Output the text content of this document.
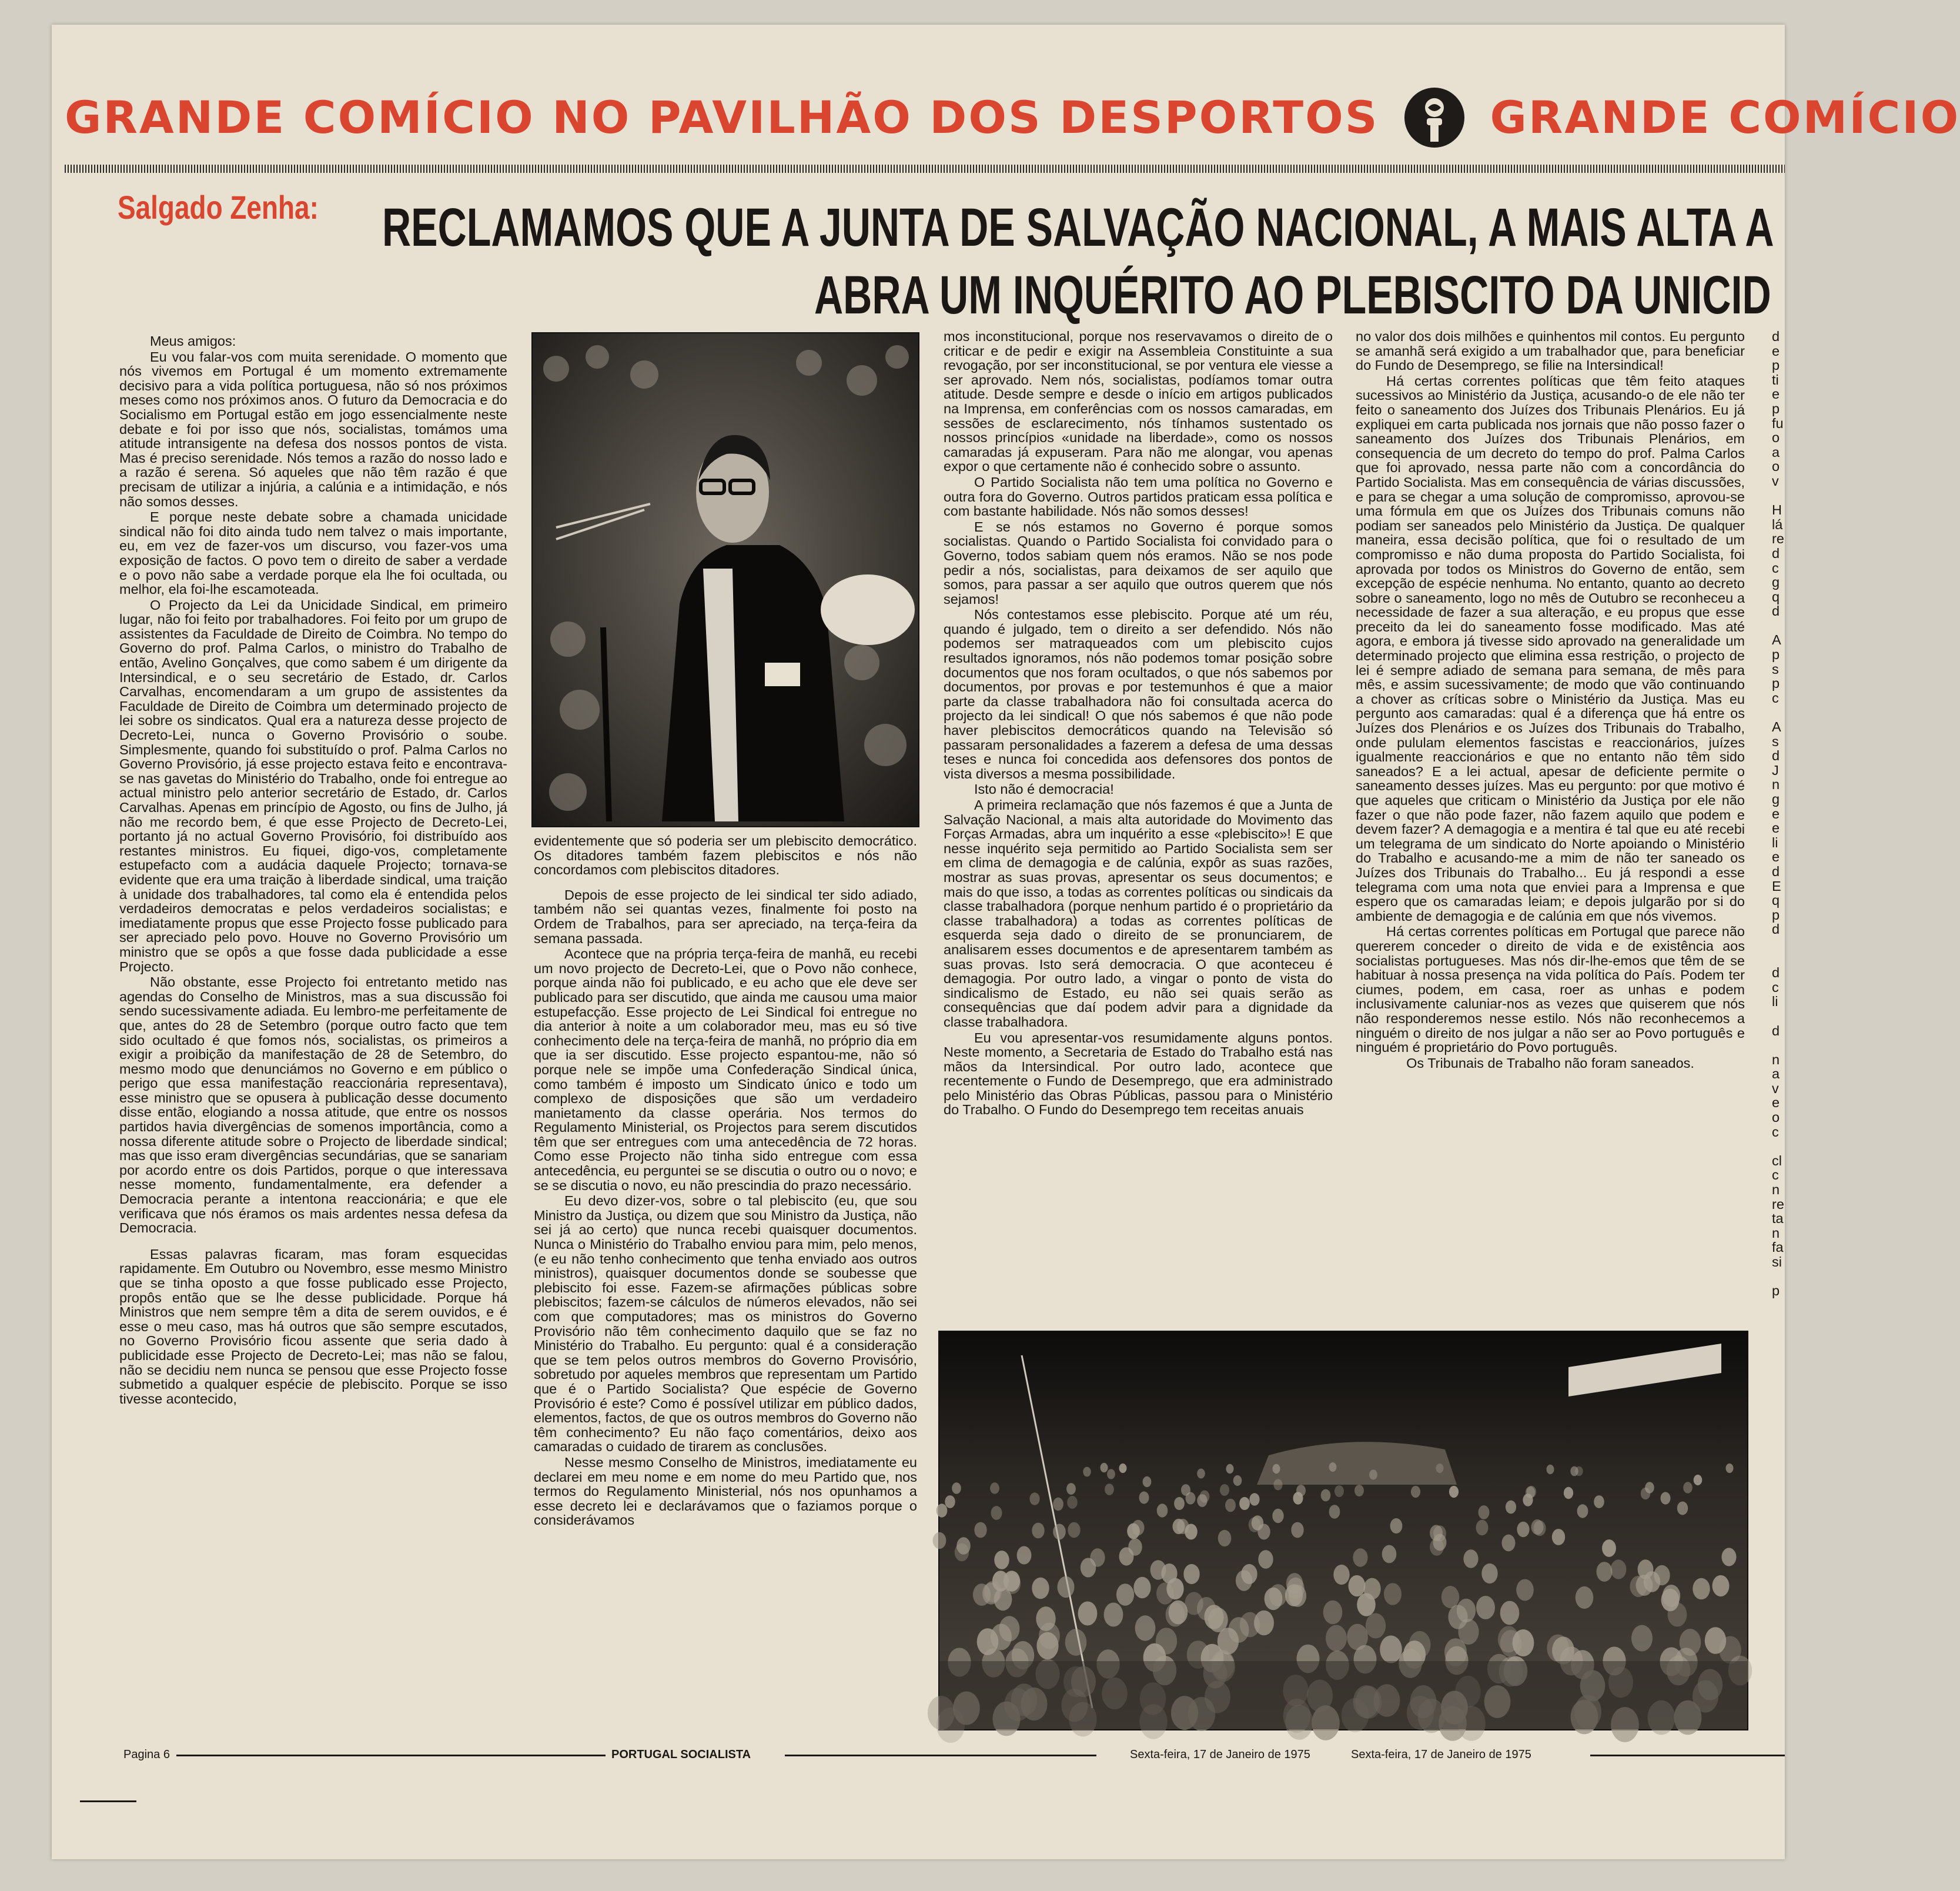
GRANDE COMÍCIO NO PAVILHÃO DOS DESPORTOS GRANDE COMÍCIO
Salgado Zenha: RECLAMAMOS QUE A JUNTA DE SALVAÇÃO NACIONAL, A MAIS ALTA A
ABRA UM INQUÉRITO AO PLEBISCITO DA UNICID

Meus amigos:

Eu vou falar-vos com muita serenidade. O momento que nós vivemos em Portugal é um momento extremamente decisivo para a vida política portuguesa, não só nos próximos meses como nos próximos anos. O futuro da Democracia e do Socialismo em Portugal estão em jogo essencialmente neste debate e foi por isso que nós, socialistas, tomámos uma atitude intransigente na defesa dos nossos pontos de vista. Mas é preciso serenidade. Nós temos a razão do nosso lado e a razão é serena. Só aqueles que não têm razão é que precisam de utilizar a injúria, a calúnia e a intimidação, e nós não somos desses.

E porque neste debate sobre a chamada unicidade sindical não foi dito ainda tudo nem talvez o mais importante, eu, em vez de fazer-vos um discurso, vou fazer-vos uma exposição de factos. O povo tem o direito de saber a verdade e o povo não sabe a verdade porque ela lhe foi ocultada, ou melhor, ela foi-lhe escamoteada.

O Projecto da Lei da Unicidade Sindical, em primeiro lugar, não foi feito por trabalhadores. Foi feito por um grupo de assistentes da Faculdade de Direito de Coimbra. No tempo do Governo do prof. Palma Carlos, o ministro do Trabalho de então, Avelino Gonçalves, que como sabem é um dirigente da Intersindical, e o seu secretário de Estado, dr. Carlos Carvalhas, encomendaram a um grupo de assistentes da Faculdade de Direito de Coimbra um determinado projecto de lei sobre os sindicatos. Qual era a natureza desse projecto de Decreto-Lei, nunca o Governo Provisório o soube. Simplesmente, quando foi substituído o prof. Palma Carlos no Governo Provisório, já esse projecto estava feito e encontrava-se nas gavetas do Ministério do Trabalho, onde foi entregue ao actual ministro pelo anterior secretário de Estado, dr. Carlos Carvalhas. Apenas em princípio de Agosto, ou fins de Julho, já não me recordo bem, é que esse Projecto de Decreto-Lei, portanto já no actual Governo Provisório, foi distribuído aos restantes ministros. Eu fiquei, digo-vos, completamente estupefacto com a audácia daquele Projecto; tornava-se evidente que era uma traição à liberdade sindical, uma traição à unidade dos trabalhadores, tal como ela é entendida pelos verdadeiros democratas e pelos verdadeiros socialistas; e imediatamente propus que esse Projecto fosse publicado para ser apreciado pelo povo. Houve no Governo Provisório um ministro que se opôs a que fosse dada publicidade a esse Projecto.

Não obstante, esse Projecto foi entretanto metido nas agendas do Conselho de Ministros, mas a sua discussão foi sendo sucessivamente adiada. Eu lembro-me perfeitamente de que, antes do 28 de Setembro (porque outro facto que tem sido ocultado é que fomos nós, socialistas, os primeiros a exigir a proibição da manifestação de 28 de Setembro, do mesmo modo que denunciámos no Governo e em público o perigo que essa manifestação reaccionária representava), esse ministro que se opusera à publicação desse documento disse então, elogiando a nossa atitude, que entre os nossos partidos havia divergências de somenos importância, como a nossa diferente atitude sobre o Projecto de liberdade sindical; mas que isso eram divergências secundárias, que se sanariam por acordo entre os dois Partidos, porque o que interessava nesse momento, fundamentalmente, era defender a Democracia perante a intentona reaccionária; e que ele verificava que nós éramos os mais ardentes nessa defesa da Democracia.

Essas palavras ficaram, mas foram esquecidas rapidamente. Em Outubro ou Novembro, esse mesmo Ministro que se tinha oposto a que fosse publicado esse Projecto, propôs então que se lhe desse publicidade. Porque há Ministros que nem sempre têm a dita de serem ouvidos, e é esse o meu caso, mas há outros que são sempre escutados, no Governo Provisório ficou assente que seria dado à publicidade esse Projecto de Decreto-Lei; mas não se falou, não se decidiu nem nunca se pensou que esse Projecto fosse submetido a qualquer espécie de plebiscito. Porque se isso tivesse acontecido,

evidentemente que só poderia ser um plebiscito democrático. Os ditadores também fazem plebiscitos e nós não concordamos com plebiscitos ditadores.

Depois de esse projecto de lei sindical ter sido adiado, também não sei quantas vezes, finalmente foi posto na Ordem de Trabalhos, para ser apreciado, na terça-feira da semana passada.

Acontece que na própria terça-feira de manhã, eu recebi um novo projecto de Decreto-Lei, que o Povo não conhece, porque ainda não foi publicado, e eu acho que ele deve ser publicado para ser discutido, que ainda me causou uma maior estupefacção. Esse projecto de Lei Sindical foi entregue no dia anterior à noite a um colaborador meu, mas eu só tive conhecimento dele na terça-feira de manhã, no próprio dia em que ia ser discutido. Esse projecto espantou-me, não só porque nele se impõe uma Confederação Sindical única, como também é imposto um Sindicato único e todo um complexo de disposições que são um verdadeiro manietamento da classe operária. Nos termos do Regulamento Ministerial, os Projectos para serem discutidos têm que ser entregues com uma antecedência de 72 horas. Como esse Projecto não tinha sido entregue com essa antecedência, eu perguntei se se discutia o outro ou o novo; e se se discutia o novo, eu não prescindia do prazo necessário.

Eu devo dizer-vos, sobre o tal plebiscito (eu, que sou Ministro da Justiça, ou dizem que sou Ministro da Justiça, não sei já ao certo) que nunca recebi quaisquer documentos. Nunca o Ministério do Trabalho enviou para mim, pelo menos, (e eu não tenho conhecimento que tenha enviado aos outros ministros), quaisquer documentos donde se soubesse que plebiscito foi esse. Fazem-se afirmações públicas sobre plebiscitos; fazem-se cálculos de números elevados, não sei com que computadores; mas os ministros do Governo Provisório não têm conhecimento daquilo que se faz no Ministério do Trabalho. Eu pergunto: qual é a consideração que se tem pelos outros membros do Governo Provisório, sobretudo por aqueles membros que representam um Partido que é o Partido Socialista? Que espécie de Governo Provisório é este? Como é possível utilizar em público dados, elementos, factos, de que os outros membros do Governo não têm conhecimento? Eu não faço comentários, deixo aos camaradas o cuidado de tirarem as conclusões.

Nesse mesmo Conselho de Ministros, imediatamente eu declarei em meu nome e em nome do meu Partido que, nos termos do Regulamento Ministerial, nós nos opunhamos a esse decreto lei e declarávamos que o faziamos porque o considerávamos

mos inconstitucional, porque nos reservavamos o direito de o criticar e de pedir e exigir na Assembleia Constituinte a sua revogação, por ser inconstitucional, se por ventura ele viesse a ser aprovado. Nem nós, socialistas, podíamos tomar outra atitude. Desde sempre e desde o início em artigos publicados na Imprensa, em conferências com os nossos camaradas, em sessões de esclarecimento, nós tínhamos sustentado os nossos princípios «unidade na liberdade», como os nossos camaradas já expuseram. Para não me alongar, vou apenas expor o que certamente não é conhecido sobre o assunto.

O Partido Socialista não tem uma política no Governo e outra fora do Governo. Outros partidos praticam essa política e com bastante habilidade. Nós não somos desses!

E se nós estamos no Governo é porque somos socialistas. Quando o Partido Socialista foi convidado para o Governo, todos sabiam quem nós eramos. Não se nos pode pedir a nós, socialistas, para deixamos de ser aquilo que somos, para passar a ser aquilo que outros querem que nós sejamos!

Nós contestamos esse plebiscito. Porque até um réu, quando é julgado, tem o direito a ser defendido. Nós não podemos ser matraqueados com um plebiscito cujos resultados ignoramos, nós não podemos tomar posição sobre documentos que nos foram ocultados, o que nós sabemos por documentos, por provas e por testemunhos é que a maior parte da classe trabalhadora não foi consultada acerca do projecto da lei sindical! O que nós sabemos é que não pode haver plebiscitos democráticos quando na Televisão só passaram personalidades a fazerem a defesa de uma dessas teses e nunca foi concedida aos defensores dos pontos de vista diversos a mesma possibilidade.

Isto não é democracia!

A primeira reclamação que nós fazemos é que a Junta de Salvação Nacional, a mais alta autoridade do Movimento das Forças Armadas, abra um inquérito a esse «plebiscito»! E que nesse inquérito seja permitido ao Partido Socialista sem ser em clima de demagogia e de calúnia, expôr as suas razões, mostrar as suas provas, apresentar os seus documentos; e mais do que isso, a todas as correntes políticas ou sindicais da classe trabalhadora (porque nenhum partido é o proprietário da classe trabalhadora) a todas as correntes políticas de esquerda seja dado o direito de se pronunciarem, de analisarem esses documentos e de apresentarem também as suas provas. Isto será democracia. O que aconteceu é demagogia. Por outro lado, a vingar o ponto de vista do sindicalismo de Estado, eu não sei quais serão as consequências que daí podem advir para a dignidade da classe trabalhadora.

Eu vou apresentar-vos resumidamente alguns pontos. Neste momento, a Secretaria de Estado do Trabalho está nas mãos da Intersindical. Por outro lado, acontece que recentemente o Fundo de Desemprego, que era administrado pelo Ministério das Obras Públicas, passou para o Ministério do Trabalho. O Fundo do Desemprego tem receitas anuais

no valor dos dois milhões e quinhentos mil contos. Eu pergunto se amanhã será exigido a um trabalhador que, para beneficiar do Fundo de Desemprego, se filie na Intersindical!

Há certas correntes políticas que têm feito ataques sucessivos ao Ministério da Justiça, acusando-o de ele não ter feito o saneamento dos Juízes dos Tribunais Plenários. Eu já expliquei em carta publicada nos jornais que não posso fazer o saneamento dos Juízes dos Tribunais Plenários, em consequencia de um decreto do tempo do prof. Palma Carlos que foi aprovado, nessa parte não com a concordância do Partido Socialista. Mas em consequência de várias discussões, e para se chegar a uma solução de compromisso, aprovou-se uma fórmula em que os Juízes dos Tribunais comuns não podiam ser saneados pelo Ministério da Justiça. De qualquer maneira, essa decisão política, que foi o resultado de um compromisso e não duma proposta do Partido Socialista, foi aprovada por todos os Ministros do Governo de então, sem excepção de espécie nenhuma. No entanto, quanto ao decreto sobre o saneamento, logo no mês de Outubro se reconheceu a necessidade de fazer a sua alteração, e eu propus que esse preceito da lei do saneamento fosse modificado. Mas até agora, e embora já tivesse sido aprovado na generalidade um determinado projecto que elimina essa restrição, o projecto de lei é sempre adiado de semana para semana, de mês para mês, e assim sucessivamente; de modo que vão continuando a chover as críticas sobre o Ministério da Justiça. Mas eu pergunto aos camaradas: qual é a diferença que há entre os Juízes dos Plenários e os Juízes dos Tribunais do Trabalho, onde pululam elementos fascistas e reaccionários, juízes igualmente reaccionários e que no entanto não têm sido saneados? E a lei actual, apesar de deficiente permite o saneamento desses juízes. Mas eu pergunto: por que motivo é que aqueles que criticam o Ministério da Justiça por ele não fazer o que não pode fazer, não fazem aquilo que podem e devem fazer? A demagogia e a mentira é tal que eu até recebi um telegrama de um sindicato do Norte apoiando o Ministério do Trabalho e acusando-me a mim de não ter saneado os Juízes dos Tribunais do Trabalho... Eu já respondi a esse telegrama com uma nota que enviei para a Imprensa e que espero que os camaradas leiam; e depois julgarão por si do ambiente de demagogia e de calúnia em que nós vivemos.

Há certas correntes políticas em Portugal que parece não quererem conceder o direito de vida e de existência aos socialistas portugueses. Mas nós dir-lhe-emos que têm de se habituar à nossa presença na vida política do País. Podem ter ciumes, podem, em casa, roer as unhas e podem inclusivamente caluniar-nos as vezes que quiserem que nós não responderemos nesse estilo. Nós não reconhecemos a ninguém o direito de nos julgar a não ser ao Povo português e ninguém é proprietário do Povo português.

Os Tribunais de Trabalho não foram saneados.

d
e
p
ti
e
p
fu
o
a
o
v

H
lá
re
d
c
g
q
d

A
p
s
p
c

A
s
d
J
n
g
e
e
li
e
d
E
q
p
d

d
c
li

d

n
a
v
e
o
c

cl
c
n
re
ta
n
fa
si

p
Pagina 6	PORTUGAL SOCIALISTA	Sexta-feira, 17 de Janeiro de 1975	Sexta-feira, 17 de Janeiro de 1975
